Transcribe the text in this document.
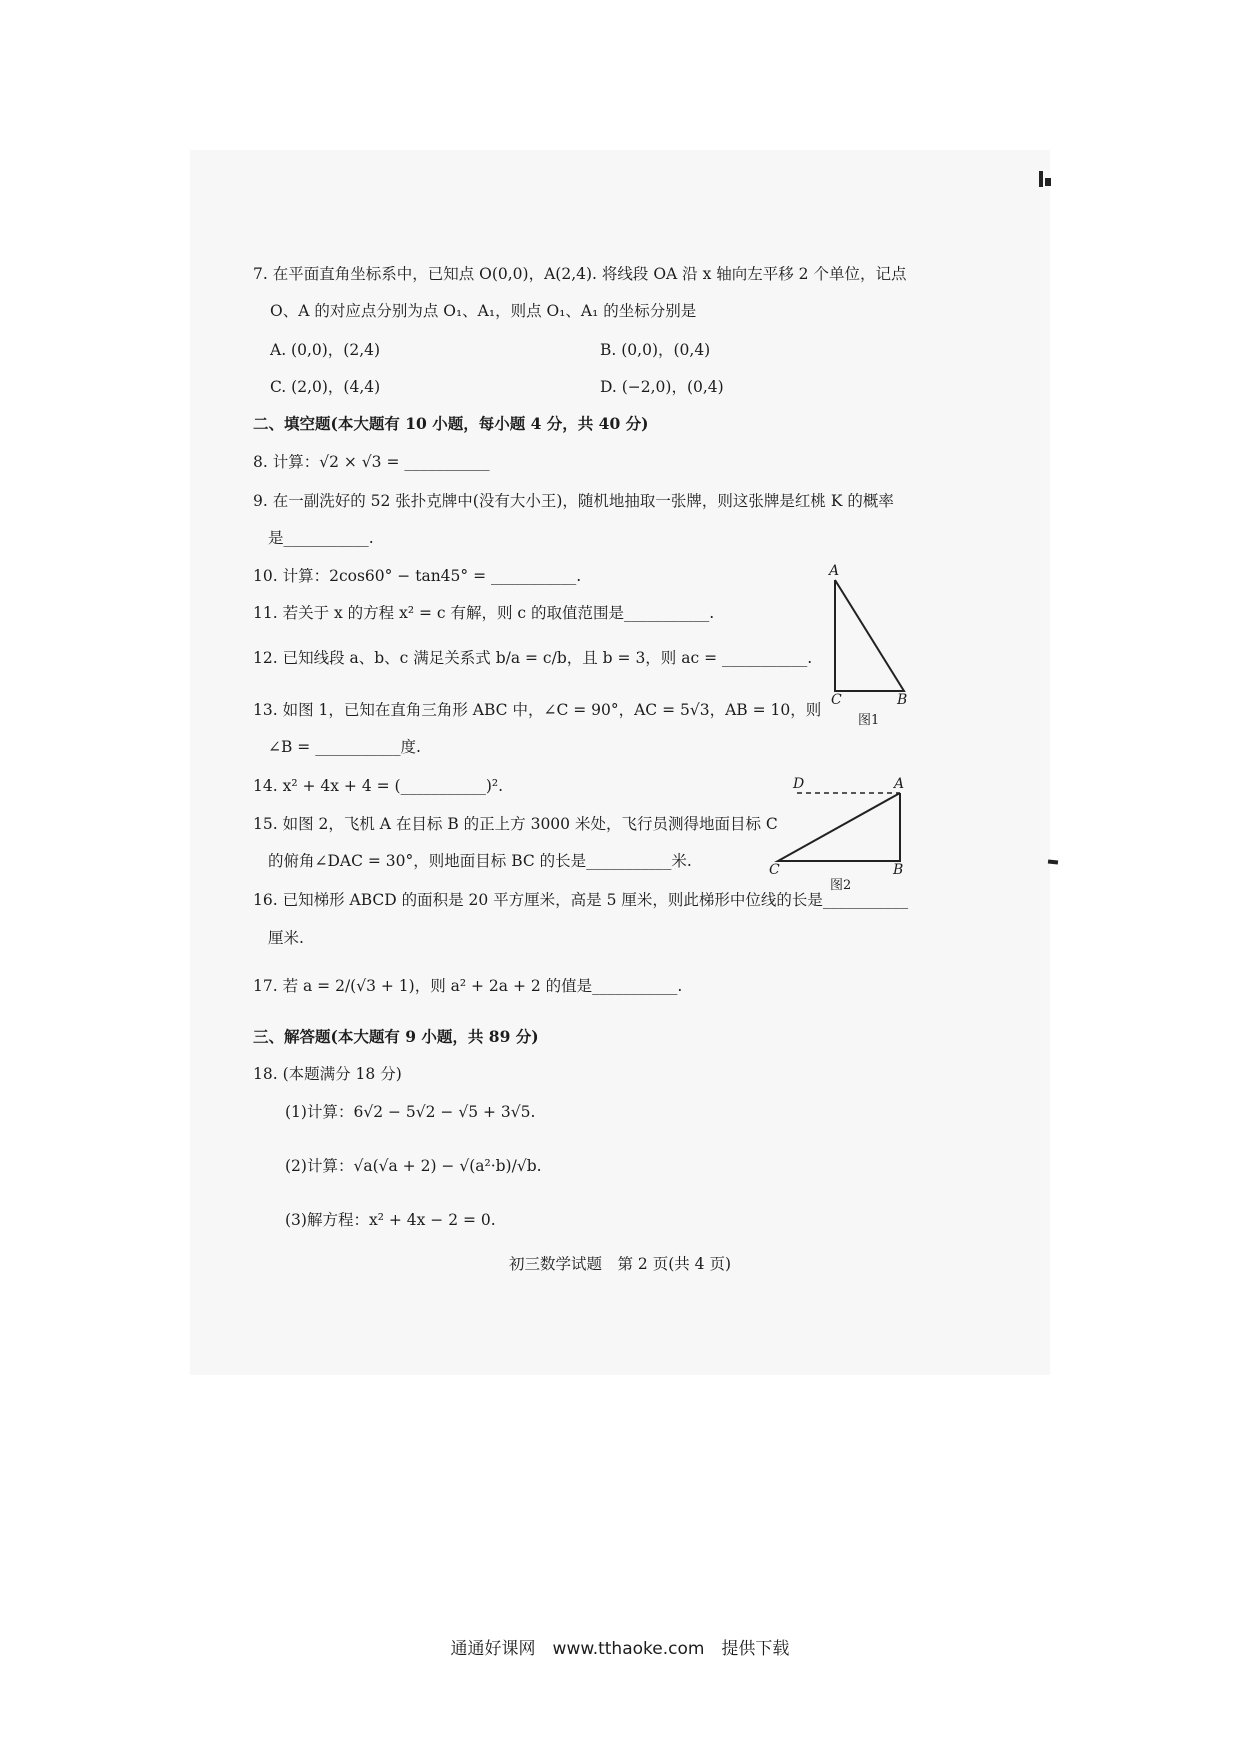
7. 在平面直角坐标系中，已知点 O(0,0)，A(2,4). 将线段 OA 沿 x 轴向左平移 2 个单位，记点
O、A 的对应点分别为点 O₁、A₁，则点 O₁、A₁ 的坐标分别是
A. (0,0)，(2,4)	B. (0,0)，(0,4)
C. (2,0)，(4,4)	D. (−2,0)，(0,4)
二、填空题(本大题有 10 小题，每小题 4 分，共 40 分)
8. 计算：√2 × √3 = ___________
9. 在一副洗好的 52 张扑克牌中(没有大小王)，随机地抽取一张牌，则这张牌是红桃 K 的概率
是___________.
10. 计算：2cos60° − tan45° = ___________.
11. 若关于 x 的方程 x² = c 有解，则 c 的取值范围是___________.
12. 已知线段 a、b、c 满足关系式 b/a = c/b，且 b = 3，则 ac = ___________.
13. 如图 1，已知在直角三角形 ABC 中，∠C = 90°，AC = 5√3，AB = 10，则
∠B = ___________度.
14. x² + 4x + 4 = (___________)².
15. 如图 2，飞机 A 在目标 B 的正上方 3000 米处，飞行员测得地面目标 C
的俯角∠DAC = 30°，则地面目标 BC 的长是___________米.
16. 已知梯形 ABCD 的面积是 20 平方厘米，高是 5 厘米，则此梯形中位线的长是___________
厘米.
17. 若 a = 2/(√3 + 1)，则 a² + 2a + 2 的值是___________.
三、解答题(本大题有 9 小题，共 89 分)
18. (本题满分 18 分)
(1)计算：6√2 − 5√2 − √5 + 3√5.
(2)计算：√a(√a + 2) − √(a²·b)/√b.
(3)解方程：x² + 4x − 2 = 0.
初三数学试题　第 2 页(共 4 页)
A
C	B
图1
D	A
C	B
图2
通通好课网　www.tthaoke.com　提供下载
